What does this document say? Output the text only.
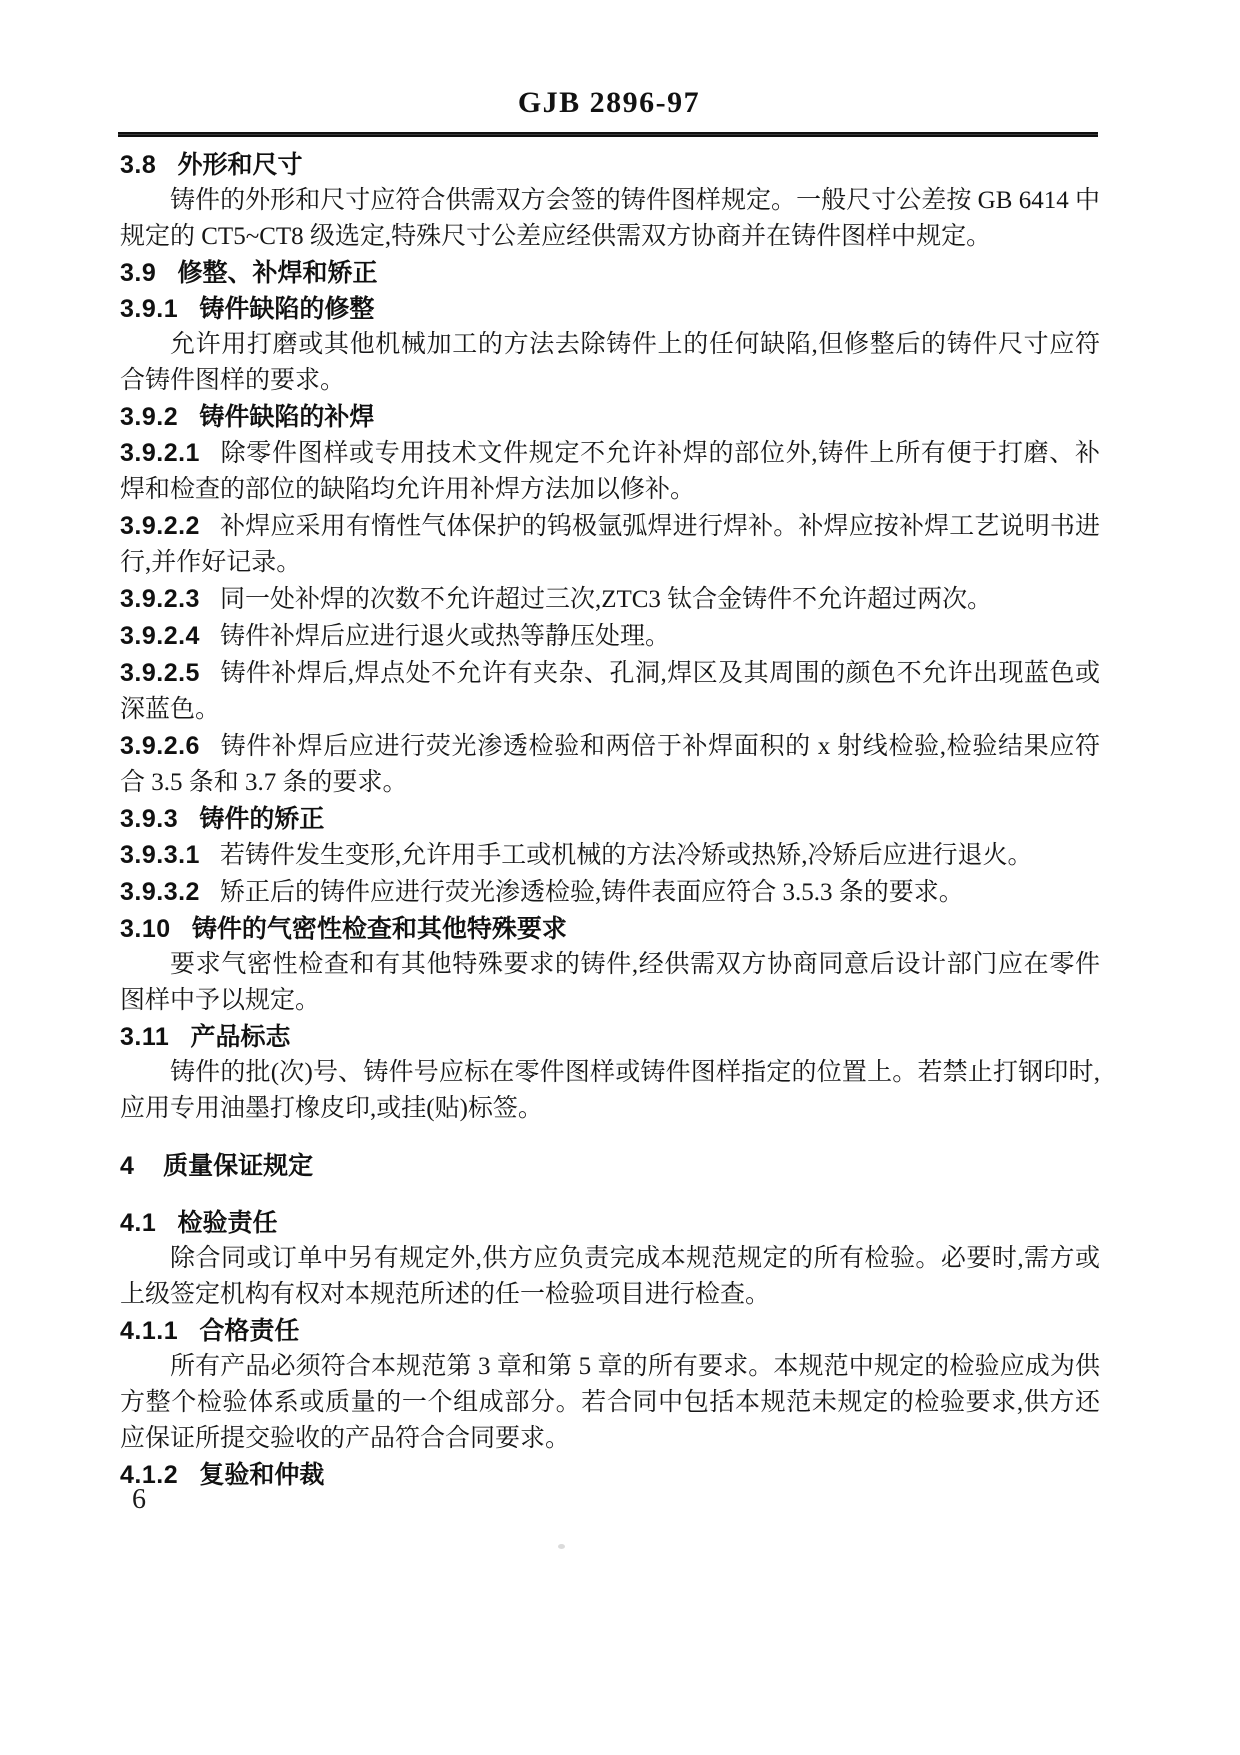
GJB 2896-97

3.8 外形和尺寸

铸件的外形和尺寸应符合供需双方会签的铸件图样规定。一般尺寸公差按 GB 6414 中规定的 CT5~CT8 级选定,特殊尺寸公差应经供需双方协商并在铸件图样中规定。

3.9 修整、补焊和矫正

3.9.1 铸件缺陷的修整

允许用打磨或其他机械加工的方法去除铸件上的任何缺陷,但修整后的铸件尺寸应符合铸件图样的要求。

3.9.2 铸件缺陷的补焊

3.9.2.1 除零件图样或专用技术文件规定不允许补焊的部位外,铸件上所有便于打磨、补焊和检查的部位的缺陷均允许用补焊方法加以修补。

3.9.2.2 补焊应采用有惰性气体保护的钨极氩弧焊进行焊补。补焊应按补焊工艺说明书进行,并作好记录。

3.9.2.3 同一处补焊的次数不允许超过三次,ZTC3 钛合金铸件不允许超过两次。

3.9.2.4 铸件补焊后应进行退火或热等静压处理。

3.9.2.5 铸件补焊后,焊点处不允许有夹杂、孔洞,焊区及其周围的颜色不允许出现蓝色或深蓝色。

3.9.2.6 铸件补焊后应进行荧光渗透检验和两倍于补焊面积的 x 射线检验,检验结果应符合 3.5 条和 3.7 条的要求。

3.9.3 铸件的矫正

3.9.3.1 若铸件发生变形,允许用手工或机械的方法冷矫或热矫,冷矫后应进行退火。

3.9.3.2 矫正后的铸件应进行荧光渗透检验,铸件表面应符合 3.5.3 条的要求。

3.10 铸件的气密性检查和其他特殊要求

要求气密性检查和有其他特殊要求的铸件,经供需双方协商同意后设计部门应在零件图样中予以规定。

3.11 产品标志

铸件的批(次)号、铸件号应标在零件图样或铸件图样指定的位置上。若禁止打钢印时,应用专用油墨打橡皮印,或挂(贴)标签。

4 质量保证规定

4.1 检验责任

除合同或订单中另有规定外,供方应负责完成本规范规定的所有检验。必要时,需方或上级签定机构有权对本规范所述的任一检验项目进行检查。

4.1.1 合格责任

所有产品必须符合本规范第 3 章和第 5 章的所有要求。本规范中规定的检验应成为供方整个检验体系或质量的一个组成部分。若合同中包括本规范未规定的检验要求,供方还应保证所提交验收的产品符合合同要求。

4.1.2 复验和仲裁

6
